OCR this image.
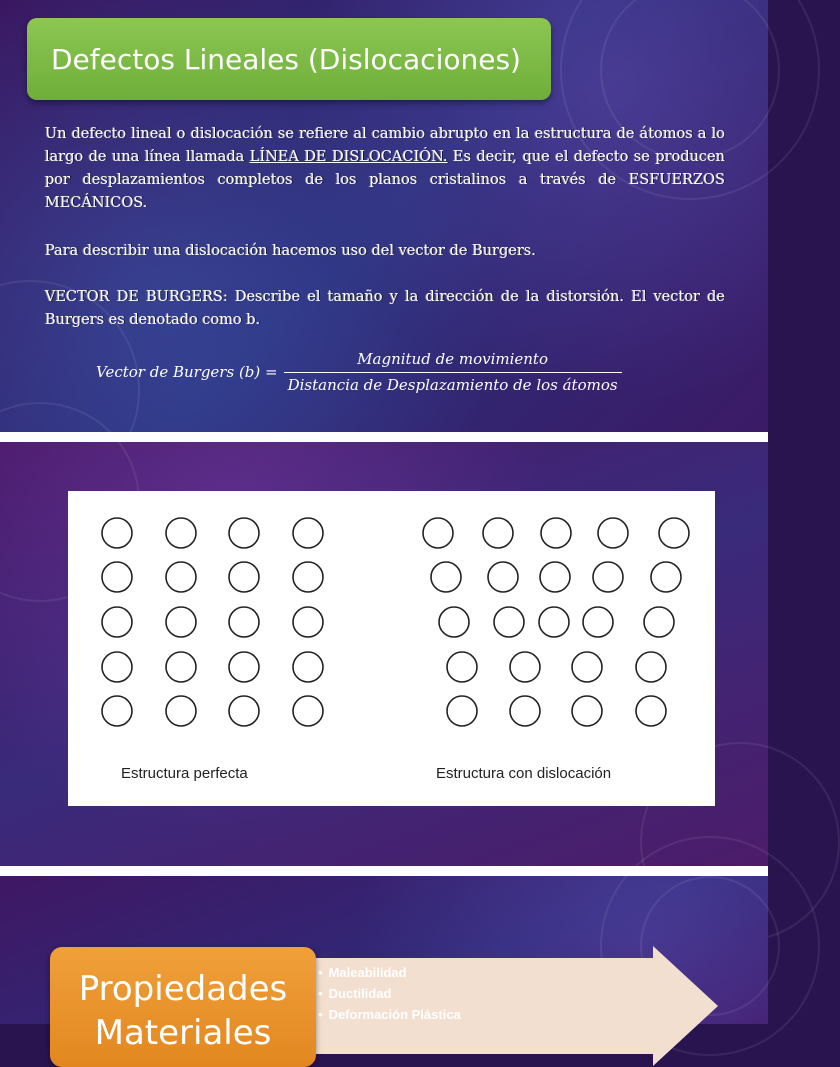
Defectos Lineales (Dislocaciones)
Un defecto lineal o dislocación se refiere al cambio abrupto en la estructura de átomos a lo largo de una línea llamada LÍNEA DE DISLOCACIÓN. Es decir, que el defecto se producen por desplazamientos completos de los planos cristalinos a través de ESFUERZOS MECÁNICOS.
Para describir una dislocación hacemos uso del vector de Burgers.
VECTOR DE BURGERS: Describe el tamaño y la dirección de la distorsión. El vector de Burgers es denotado como b.
Vector de Burgers $(b) = \frac{\text{Magnitud de movimiento}}{\text{Distancia de Desplazamiento de los átomos}}$
Estructura perfecta	Estructura con dislocación
• Maleabilidad
• Ductilidad
• Deformación Plástica
Propiedades Materiales
